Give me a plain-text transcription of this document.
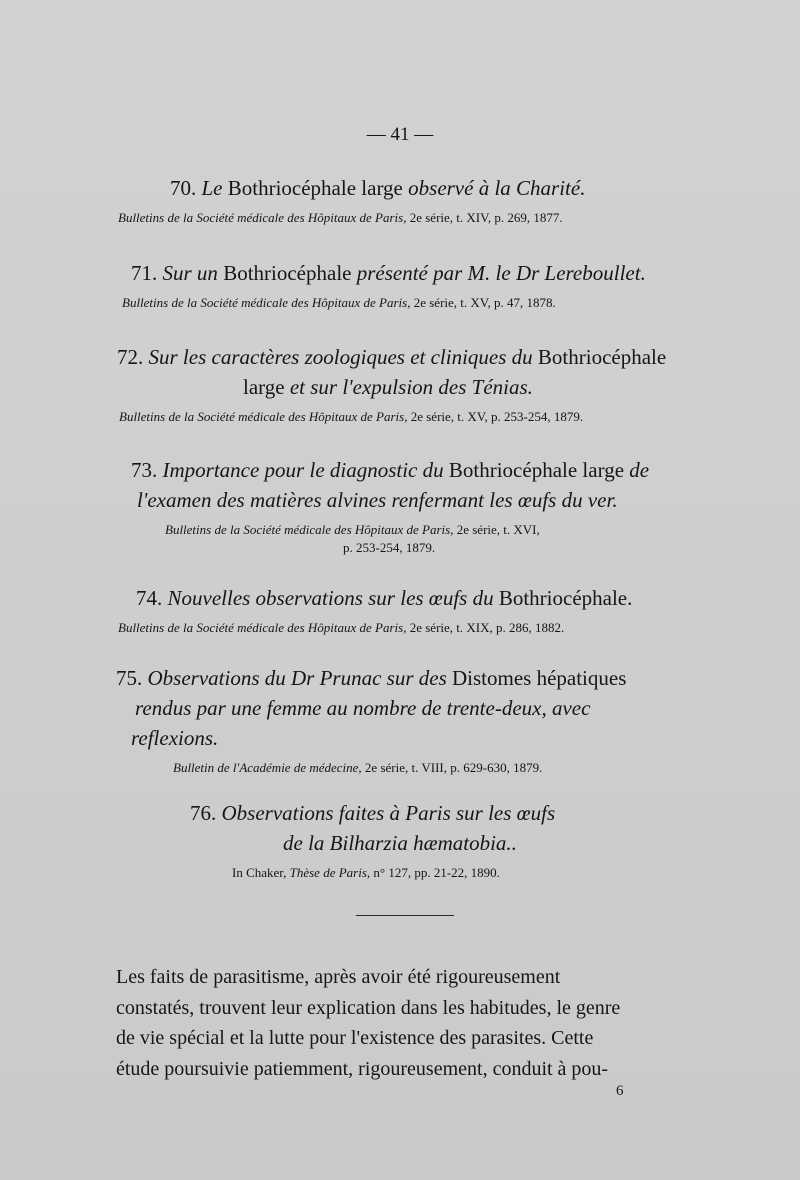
— 41 —
70. Le Bothriocéphale large observé à la Charité.
Bulletins de la Société médicale des Hôpitaux de Paris, 2e série, t. XIV, p. 269, 1877.
71. Sur un Bothriocéphale présenté par M. le Dr Lereboullet.
Bulletins de la Société médicale des Hôpitaux de Paris, 2e série, t. XV, p. 47, 1878.
72. Sur les caractères zoologiques et cliniques du Bothriocéphale
large et sur l'expulsion des Ténias.
Bulletins de la Société médicale des Hôpitaux de Paris, 2e série, t. XV, p. 253-254, 1879.
73. Importance pour le diagnostic du Bothriocéphale large de
l'examen des matières alvines renfermant les œufs du ver.
Bulletins de la Société médicale des Hôpitaux de Paris, 2e série, t. XVI,
p. 253-254, 1879.
74. Nouvelles observations sur les œufs du Bothriocéphale.
Bulletins de la Société médicale des Hôpitaux de Paris, 2e série, t. XIX, p. 286, 1882.
75. Observations du Dr Prunac sur des Distomes hépatiques
rendus par une femme au nombre de trente-deux, avec
reflexions.
Bulletin de l'Académie de médecine, 2e série, t. VIII, p. 629-630, 1879.
76. Observations faites à Paris sur les œufs
de la Bilharzia hæmatobia..
In Chaker, Thèse de Paris, n° 127, pp. 21-22, 1890.
Les faits de parasitisme, après avoir été rigoureusement
constatés, trouvent leur explication dans les habitudes, le genre
de vie spécial et la lutte pour l'existence des parasites. Cette
étude poursuivie patiemment, rigoureusement, conduit à pou-
6
